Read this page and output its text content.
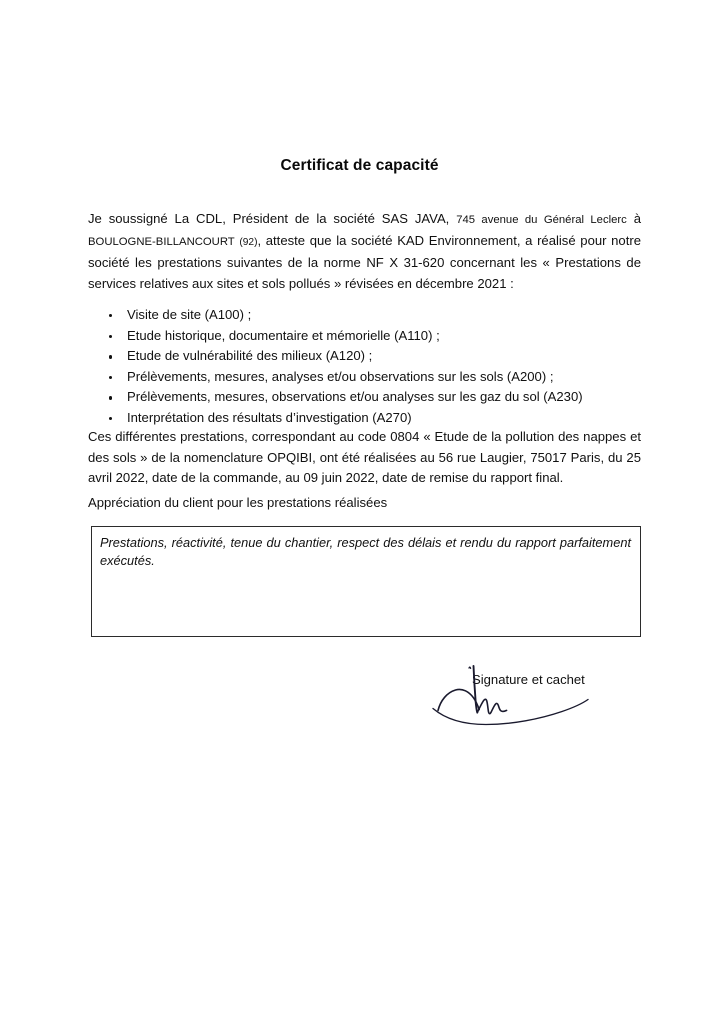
Certificat de capacité

Je soussigné La CDL, Président de la société SAS JAVA, 745 avenue du Général Leclerc à BOULOGNE-BILLANCOURT (92), atteste que la société KAD Environnement, a réalisé pour notre société les prestations suivantes de la norme NF X 31-620 concernant les « Prestations de services relatives aux sites et sols pollués » révisées en décembre 2021 :

Visite de site (A100) ;
Etude historique, documentaire et mémorielle (A110) ;
Etude de vulnérabilité des milieux (A120) ;
Prélèvements, mesures, analyses et/ou observations sur les sols (A200) ;
Prélèvements, mesures, observations et/ou analyses sur les gaz du sol (A230)
Interprétation des résultats d’investigation (A270)

Ces différentes prestations, correspondant au code 0804 « Etude de la pollution des nappes et des sols » de la nomenclature OPQIBI, ont été réalisées au 56 rue Laugier, 75017 Paris, du 25 avril 2022, date de la commande, au 09 juin 2022, date de remise du rapport final.

Appréciation du client pour les prestations réalisées

Prestations, réactivité, tenue du chantier, respect des délais et rendu du rapport parfaitement exécutés.

Signature et cachet
